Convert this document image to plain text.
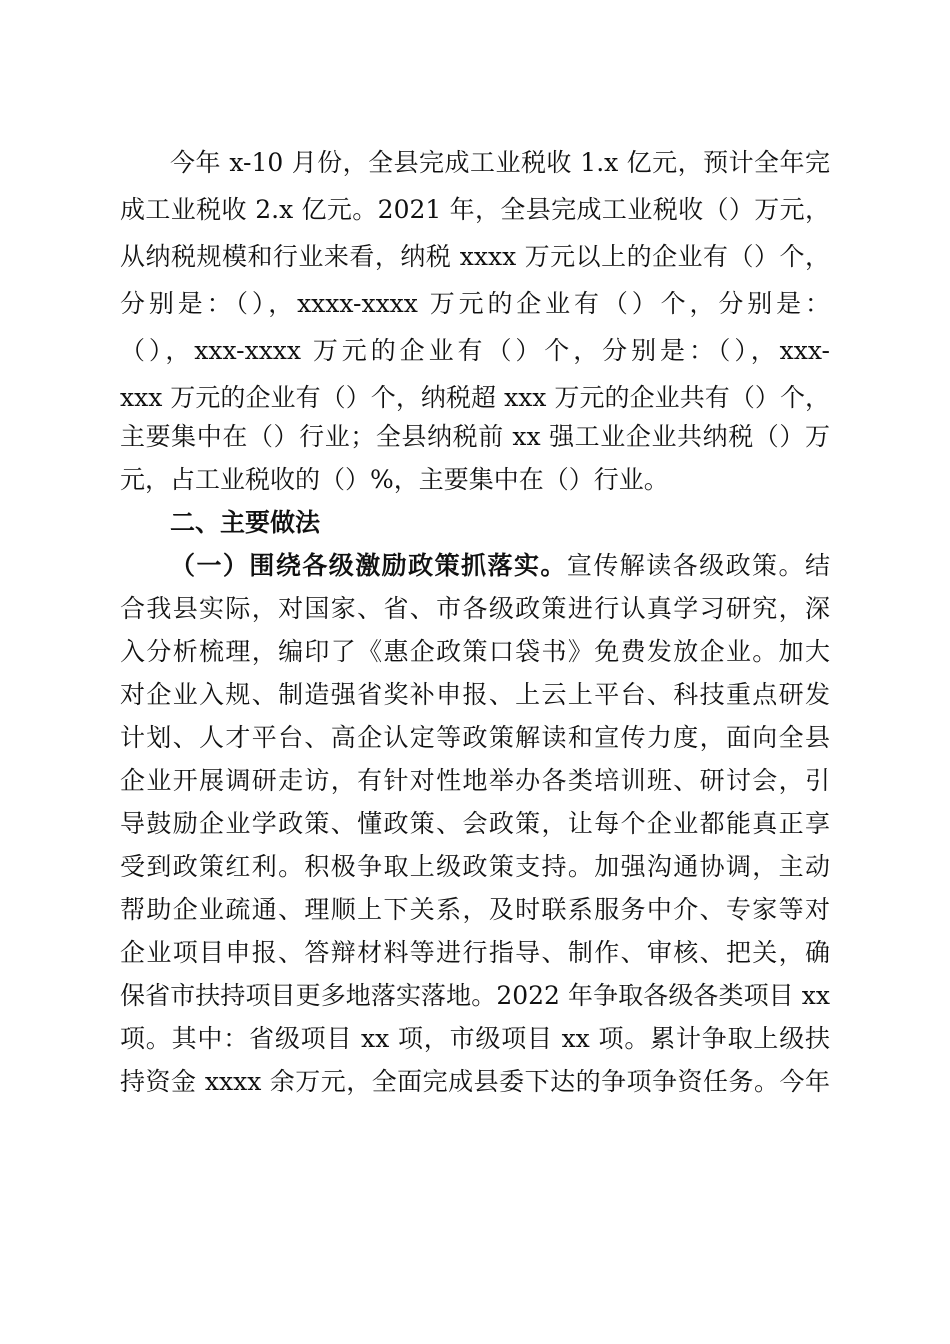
今年 x-10 月份，全县完成工业税收 1.x 亿元，预计全年完
成工业税收 2.x 亿元。2021 年，全县完成工业税收（）万元，
从纳税规模和行业来看，纳税 xxxx 万元以上的企业有（）个，
分别是：（），xxxx-xxxx 万元的企业有（）个，分别是：
（），xxx-xxxx 万元的企业有（）个，分别是：（），xxx-
xxx 万元的企业有（）个，纳税超 xxx 万元的企业共有（）个，
主要集中在（）行业；全县纳税前 xx 强工业企业共纳税（）万
元，占工业税收的（）%，主要集中在（）行业。
二、主要做法
（一）围绕各级激励政策抓落实。宣传解读各级政策。结
合我县实际，对国家、省、市各级政策进行认真学习研究，深
入分析梳理，编印了《惠企政策口袋书》免费发放企业。加大
对企业入规、制造强省奖补申报、上云上平台、科技重点研发
计划、人才平台、高企认定等政策解读和宣传力度，面向全县
企业开展调研走访，有针对性地举办各类培训班、研讨会，引
导鼓励企业学政策、懂政策、会政策，让每个企业都能真正享
受到政策红利。积极争取上级政策支持。加强沟通协调，主动
帮助企业疏通、理顺上下关系，及时联系服务中介、专家等对
企业项目申报、答辩材料等进行指导、制作、审核、把关，确
保省市扶持项目更多地落实落地。2022 年争取各级各类项目 xx
项。其中：省级项目 xx 项，市级项目 xx 项。累计争取上级扶
持资金 xxxx 余万元，全面完成县委下达的争项争资任务。今年
